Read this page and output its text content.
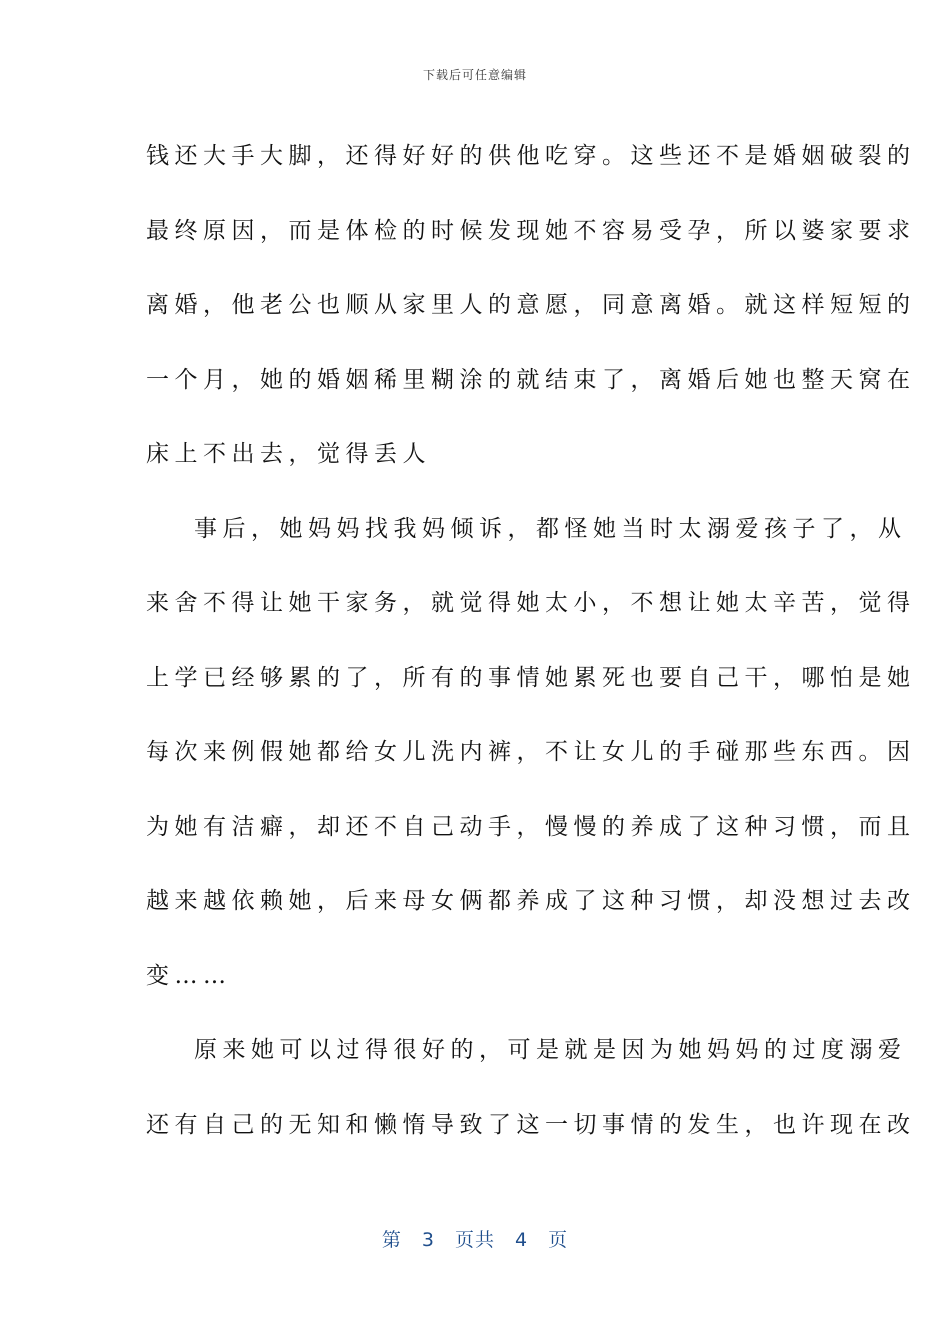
下载后可任意编辑
钱还大手大脚，还得好好的供他吃穿。这些还不是婚姻破裂的
最终原因，而是体检的时候发现她不容易受孕，所以婆家要求
离婚，他老公也顺从家里人的意愿，同意离婚。就这样短短的
一个月，她的婚姻稀里糊涂的就结束了，离婚后她也整天窝在
床上不出去，觉得丢人
事后，她妈妈找我妈倾诉，都怪她当时太溺爱孩子了，从
来舍不得让她干家务，就觉得她太小，不想让她太辛苦，觉得
上学已经够累的了，所有的事情她累死也要自己干，哪怕是她
每次来例假她都给女儿洗内裤，不让女儿的手碰那些东西。因
为她有洁癖，却还不自己动手，慢慢的养成了这种习惯，而且
越来越依赖她，后来母女俩都养成了这种习惯，却没想过去改
变……
原来她可以过得很好的，可是就是因为她妈妈的过度溺爱
还有自己的无知和懒惰导致了这一切事情的发生，也许现在改
第 3 页共 4 页
